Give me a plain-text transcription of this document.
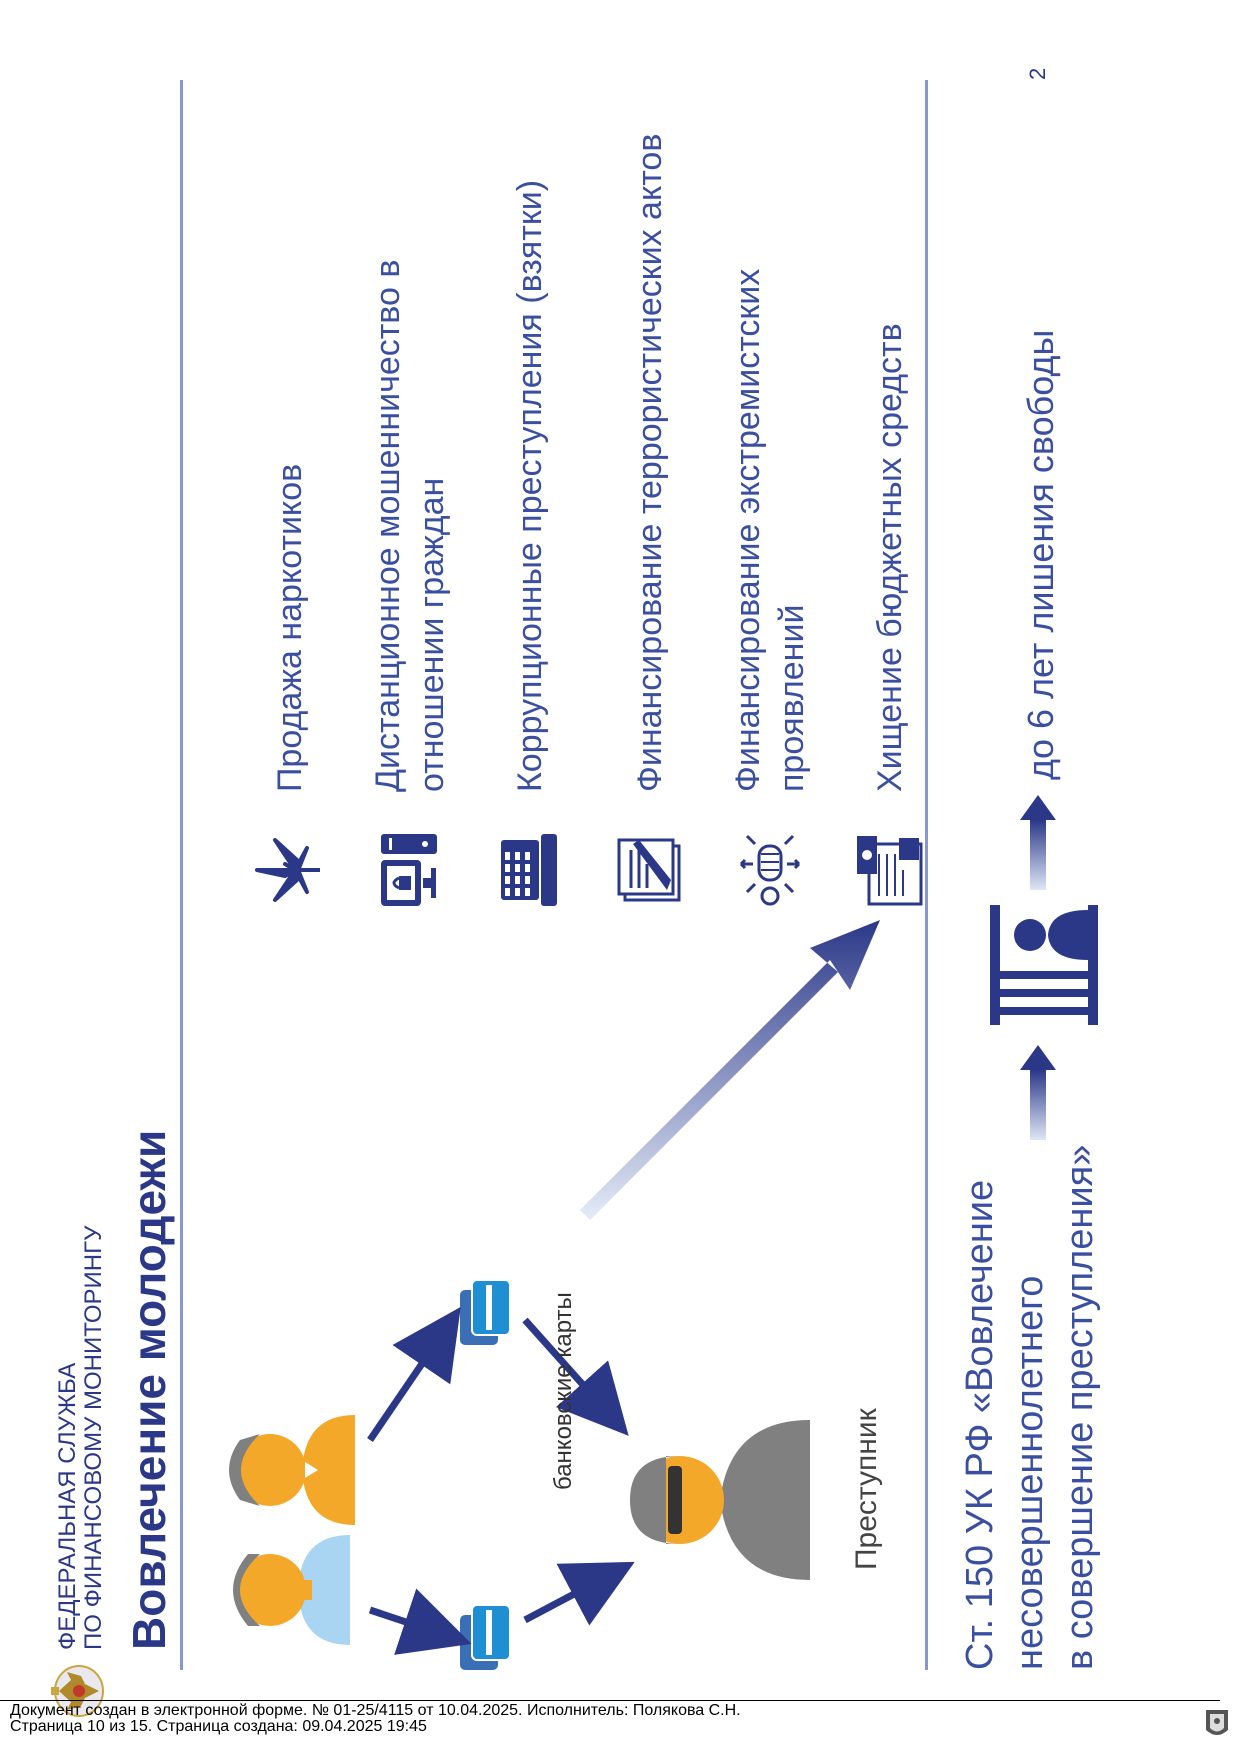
ФЕДЕРАЛЬНАЯ СЛУЖБА ПО ФИНАНСОВОМУ МОНИТОРИНГУ Вовлечение молодежи	банковские карты	Преступник
Продажа наркотиков Дистанционное мошенничество в отношении граждан Коррупционные преступления (взятки) Финансирование террористических актов Финансирование экстремистских проявлений Хищение бюджетных средств
Ст. 150 УК РФ «Вовлечение несовершеннолетнего в совершение преступления»
до 6 лет лишения свободы
2
Документ создан в электронной форме. № 01-25/4115 от 10.04.2025. Исполнитель: Полякова С.Н.
Страница 10 из 15. Страница создана: 09.04.2025 19:45
